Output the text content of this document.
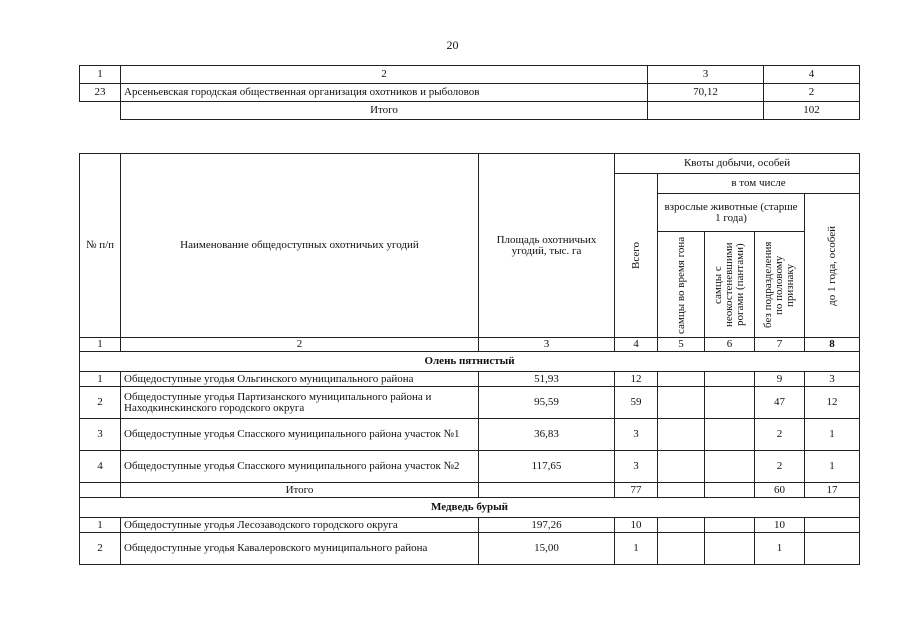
20
1	2	3	4
23	Арсеньевская городская общественная организация охотников и рыболовов	70,12	2
	Итого		102
№ п/п	Наименование общедоступных охотничьих угодий	Площадь охотничьих угодий, тыс. га	Квоты добычи, особей				

			Всего	в том числе			
				взрослые животные (старше 1 года)			до 1 года, особей

				самцы во время гона	самцы с неокостеневшими рогами (пантами)	без подразделения по половому признаку	

1	2	3	4	5	6	7	8
Олень пятнистый							
1	Общедоступные угодья Ольгинского муниципального района	51,93	12			9	3
2	Общедоступные угодья Партизанского муниципального района и Находкинскинского городского округа	95,59	59			47	12
3	Общедоступные угодья Спасского муниципального района участок №1	36,83	3			2	1
4	Общедоступные угодья Спасского муниципального района участок №2	117,65	3			2	1
	Итого		77			60	17
Медведь бурый							
1	Общедоступные угодья Лесозаводского городского округа	197,26	10			10	
2	Общедоступные угодья Кавалеровского муниципального района	15,00	1			1	
